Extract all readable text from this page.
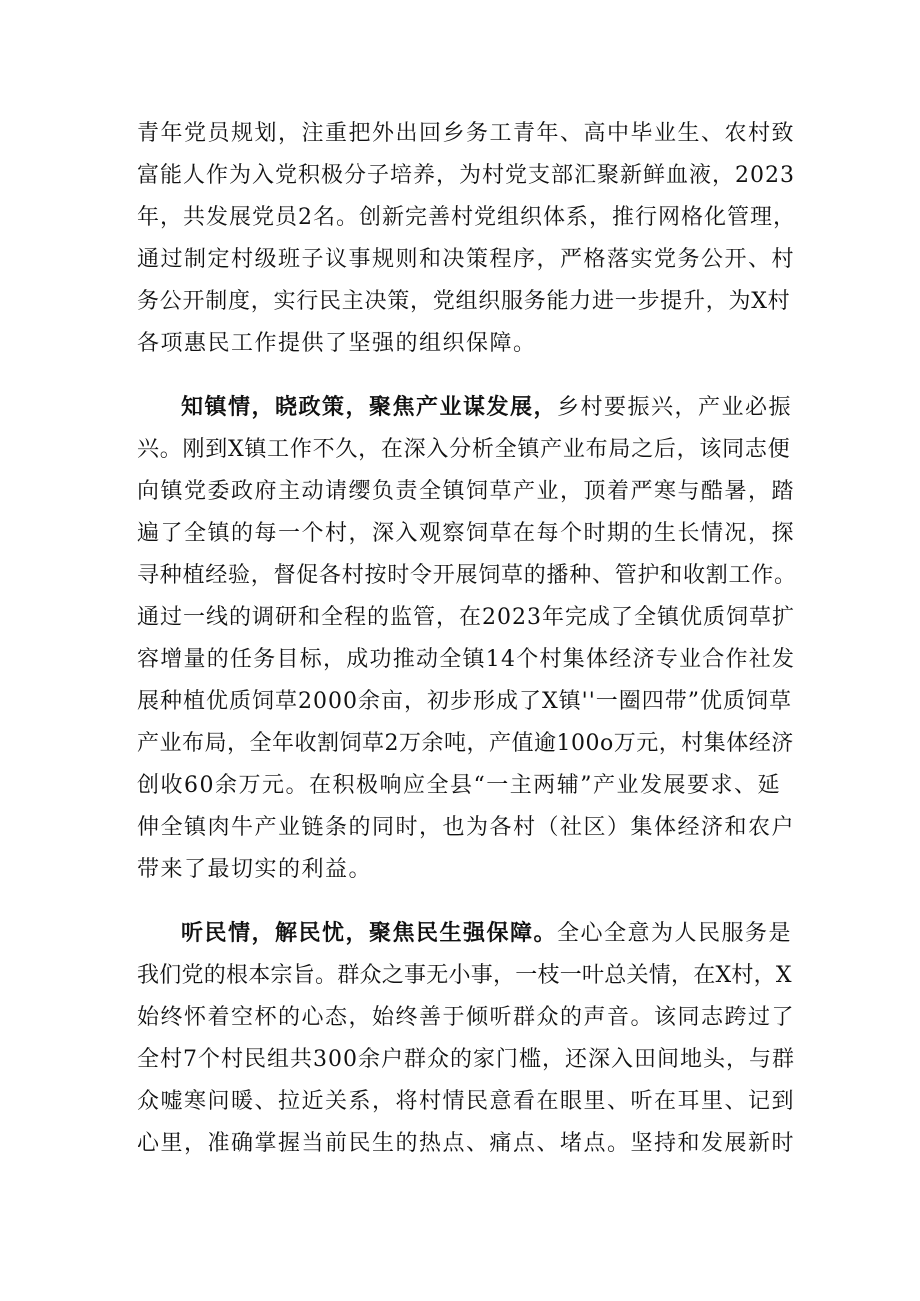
青年党员规划，注重把外出回乡务工青年、高中毕业生、农村致
富能人作为入党积极分子培养，为村党支部汇聚新鲜血液，2023
年，共发展党员2名。创新完善村党组织体系，推行网格化管理，
通过制定村级班子议事规则和决策程序，严格落实党务公开、村
务公开制度，实行民主决策，党组织服务能力进一步提升，为X村
各项惠民工作提供了坚强的组织保障。
知镇情，晓政策，聚焦产业谋发展，乡村要振兴，产业必振
兴。刚到X镇工作不久，在深入分析全镇产业布局之后，该同志便
向镇党委政府主动请缨负责全镇饲草产业，顶着严寒与酷暑，踏
遍了全镇的每一个村，深入观察饲草在每个时期的生长情况，探
寻种植经验，督促各村按时令开展饲草的播种、管护和收割工作。
通过一线的调研和全程的监管，在2023年完成了全镇优质饲草扩
容增量的任务目标，成功推动全镇14个村集体经济专业合作社发
展种植优质饲草2000余亩，初步形成了X镇''一圈四带”优质饲草
产业布局，全年收割饲草2万余吨，产值逾100o万元，村集体经济
创收60余万元。在积极响应全县“一主两辅”产业发展要求、延
伸全镇肉牛产业链条的同时，也为各村（社区）集体经济和农户
带来了最切实的利益。
听民情，解民忧，聚焦民生强保障。全心全意为人民服务是
我们党的根本宗旨。群众之事无小事，一枝一叶总关情，在X村，X
始终怀着空杯的心态，始终善于倾听群众的声音。该同志跨过了
全村7个村民组共300余户群众的家门槛，还深入田间地头，与群
众嘘寒问暖、拉近关系，将村情民意看在眼里、听在耳里、记到
心里，准确掌握当前民生的热点、痛点、堵点。坚持和发展新时
